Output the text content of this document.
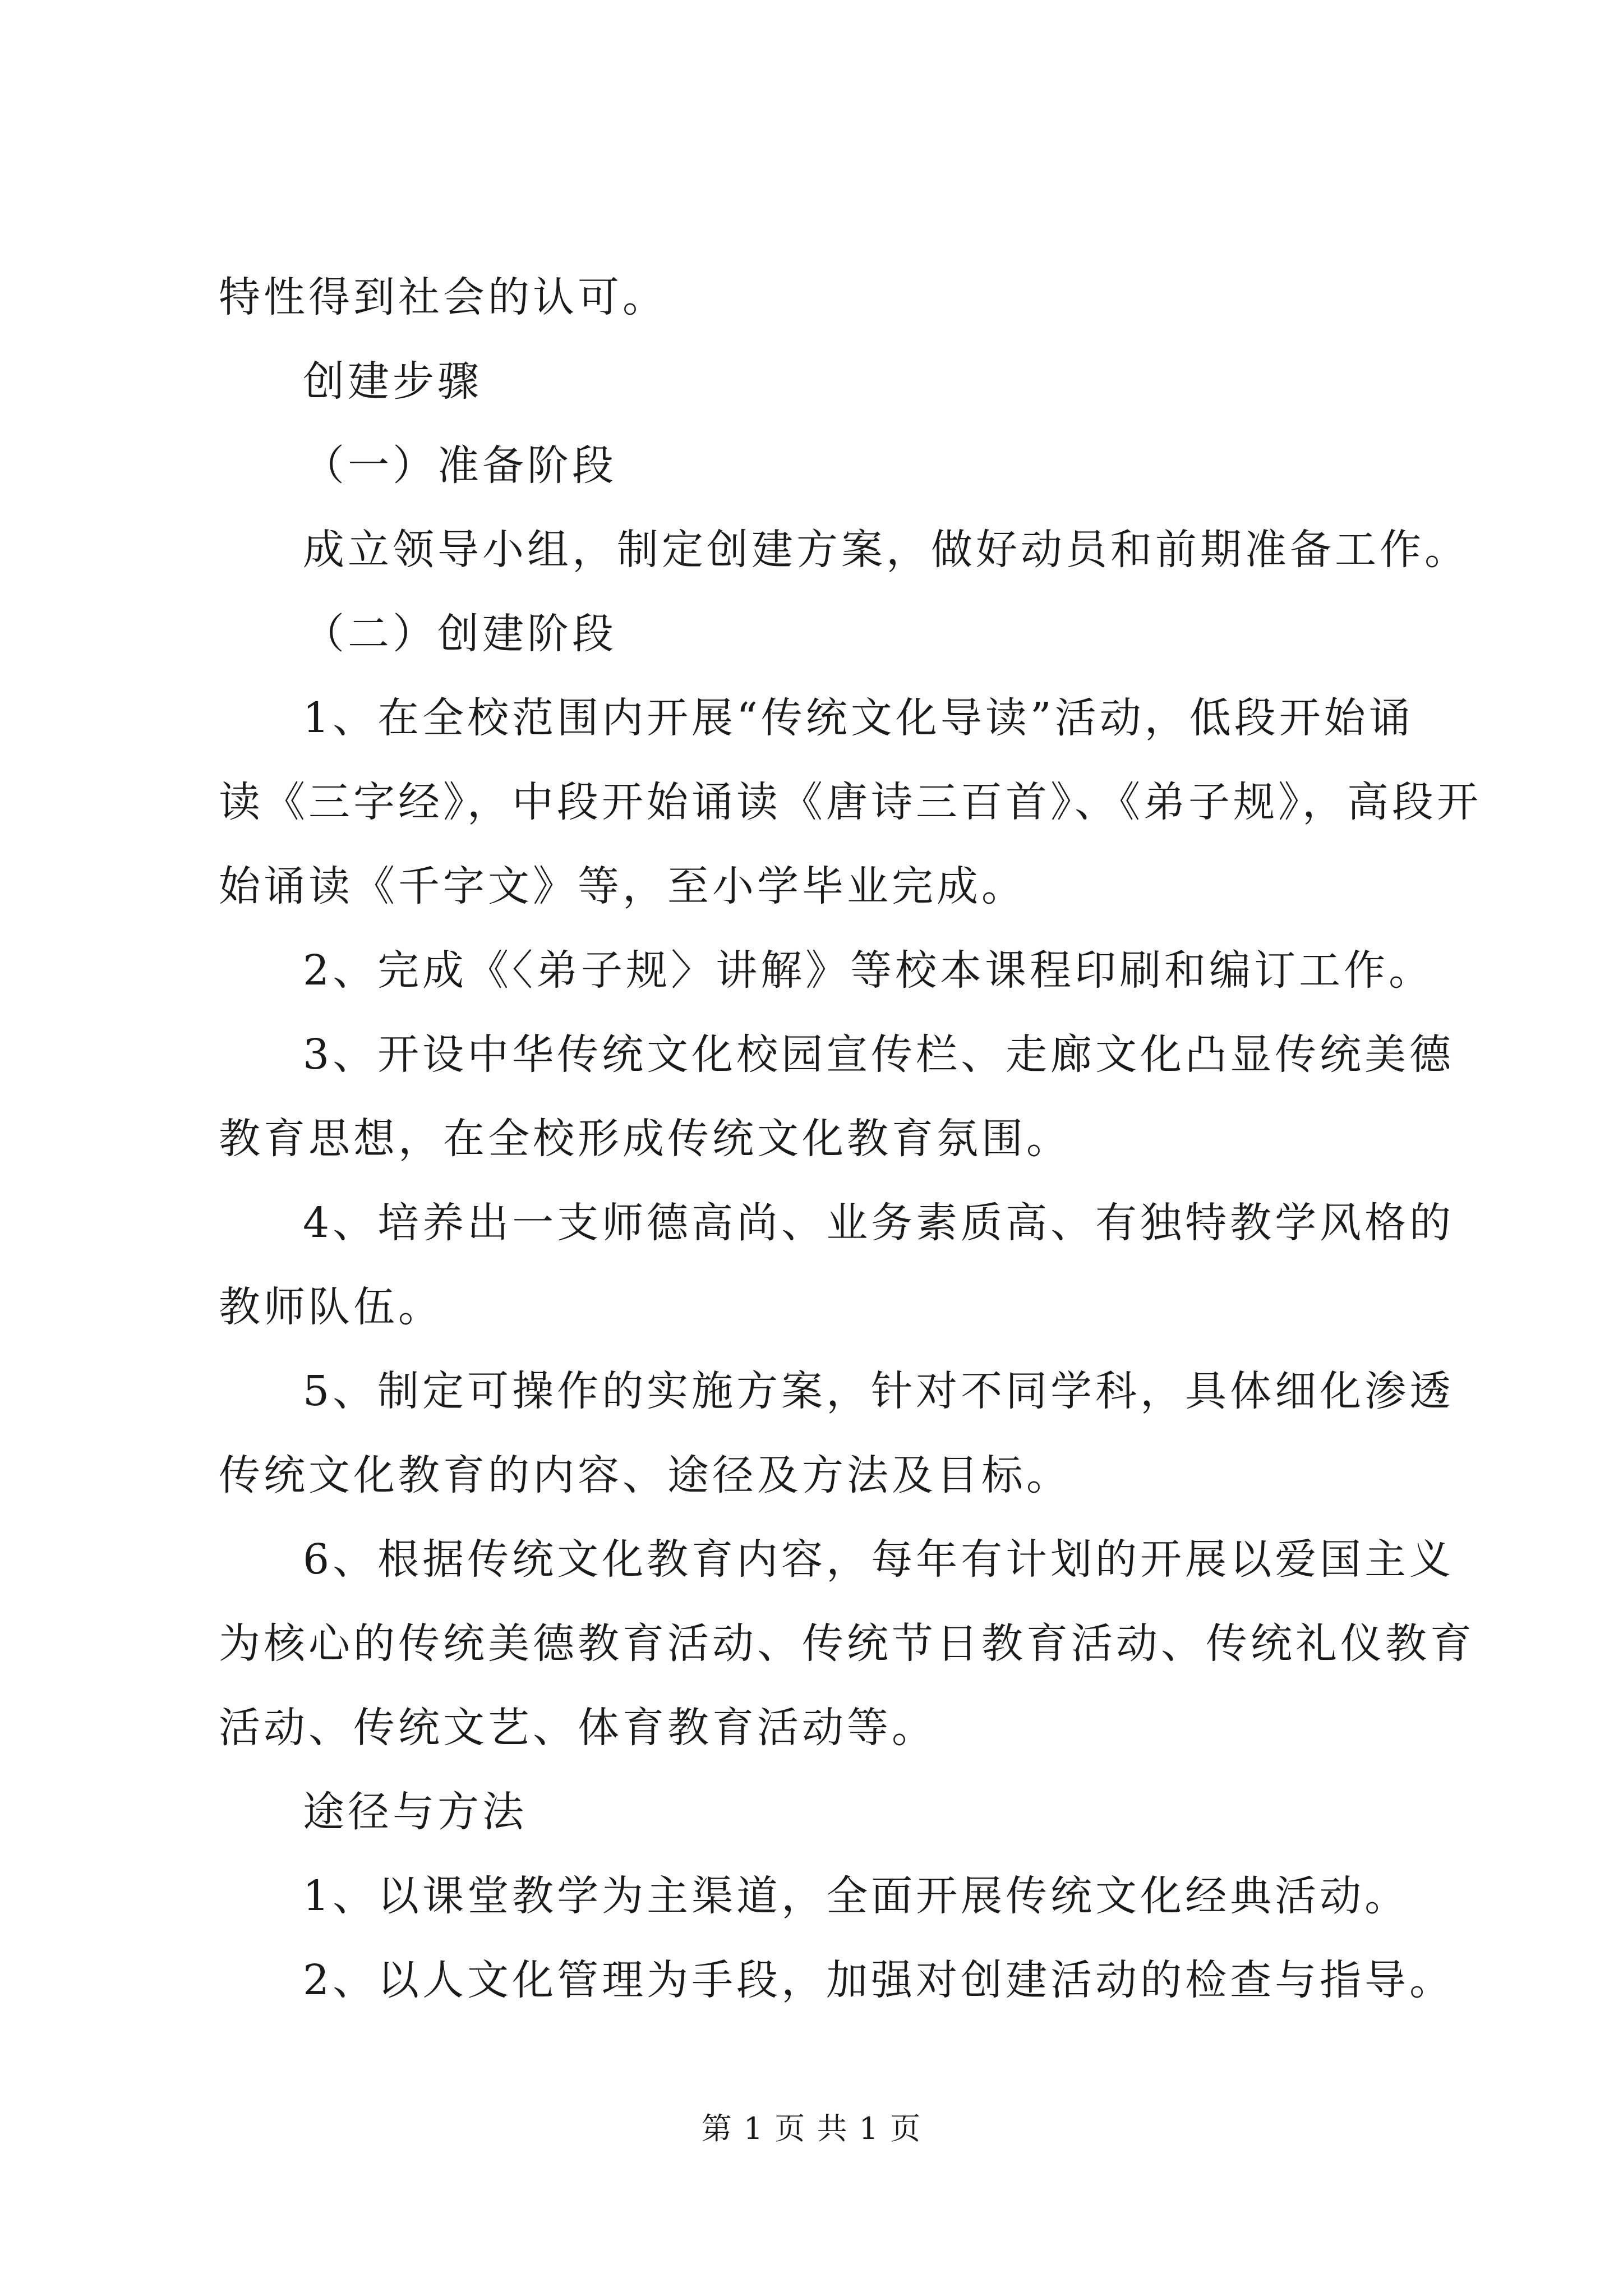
特性得到社会的认可。
创建步骤
（一）准备阶段
成立领导小组，制定创建方案，做好动员和前期准备工作。
（二）创建阶段
1、在全校范围内开展“传统文化导读”活动，低段开始诵
读《三字经》，中段开始诵读《唐诗三百首》、《弟子规》，高段开
始诵读《千字文》等，至小学毕业完成。
2、完成《〈弟子规〉讲解》等校本课程印刷和编订工作。
3、开设中华传统文化校园宣传栏、走廊文化凸显传统美德
教育思想，在全校形成传统文化教育氛围。
4、培养出一支师德高尚、业务素质高、有独特教学风格的
教师队伍。
5、制定可操作的实施方案，针对不同学科，具体细化渗透
传统文化教育的内容、途径及方法及目标。
6、根据传统文化教育内容，每年有计划的开展以爱国主义
为核心的传统美德教育活动、传统节日教育活动、传统礼仪教育
活动、传统文艺、体育教育活动等。
途径与方法
1、以课堂教学为主渠道，全面开展传统文化经典活动。
2、以人文化管理为手段，加强对创建活动的检查与指导。
第 1 页 共 1 页
